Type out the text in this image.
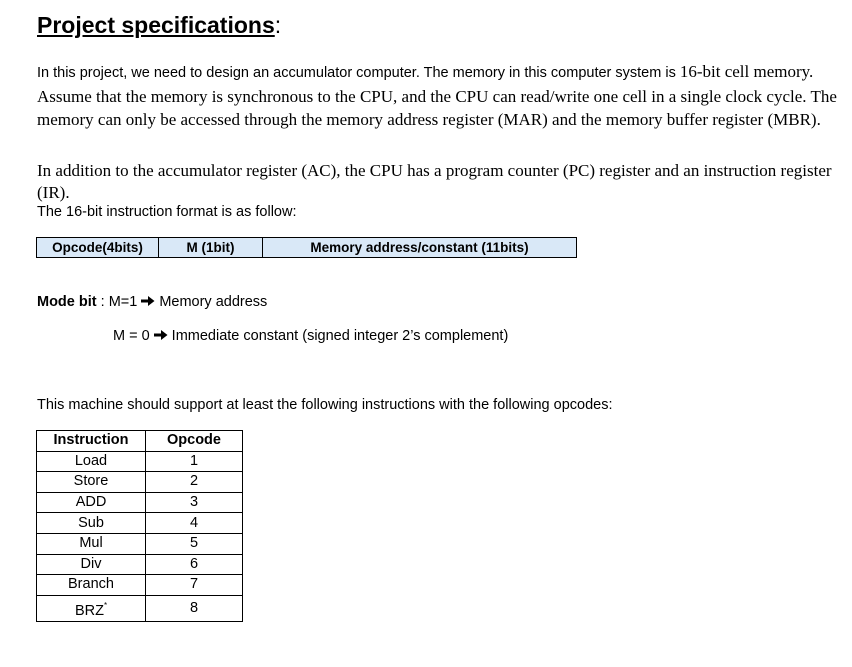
Project specifications:
In this project, we need to design an accumulator computer. The memory in this computer system is 16-bit cell memory. Assume that the memory is synchronous to the CPU, and the CPU can read/write one cell in a single clock cycle. The memory can only be accessed through the memory address register (MAR) and the memory buffer register (MBR).
In addition to the accumulator register (AC), the CPU has a program counter (PC) register and an instruction register (IR).
The 16-bit instruction format is as follow:
Opcode(4bits)	M (1bit)	Memory address/constant (11bits)
Mode bit : M=1 Memory address
M = 0 Immediate constant (signed integer 2’s complement)
This machine should support at least the following instructions with the following opcodes:
Instruction	Opcode
Load	1
Store	2
ADD	3
Sub	4
Mul	5
Div	6
Branch	7
BRZ*	8
